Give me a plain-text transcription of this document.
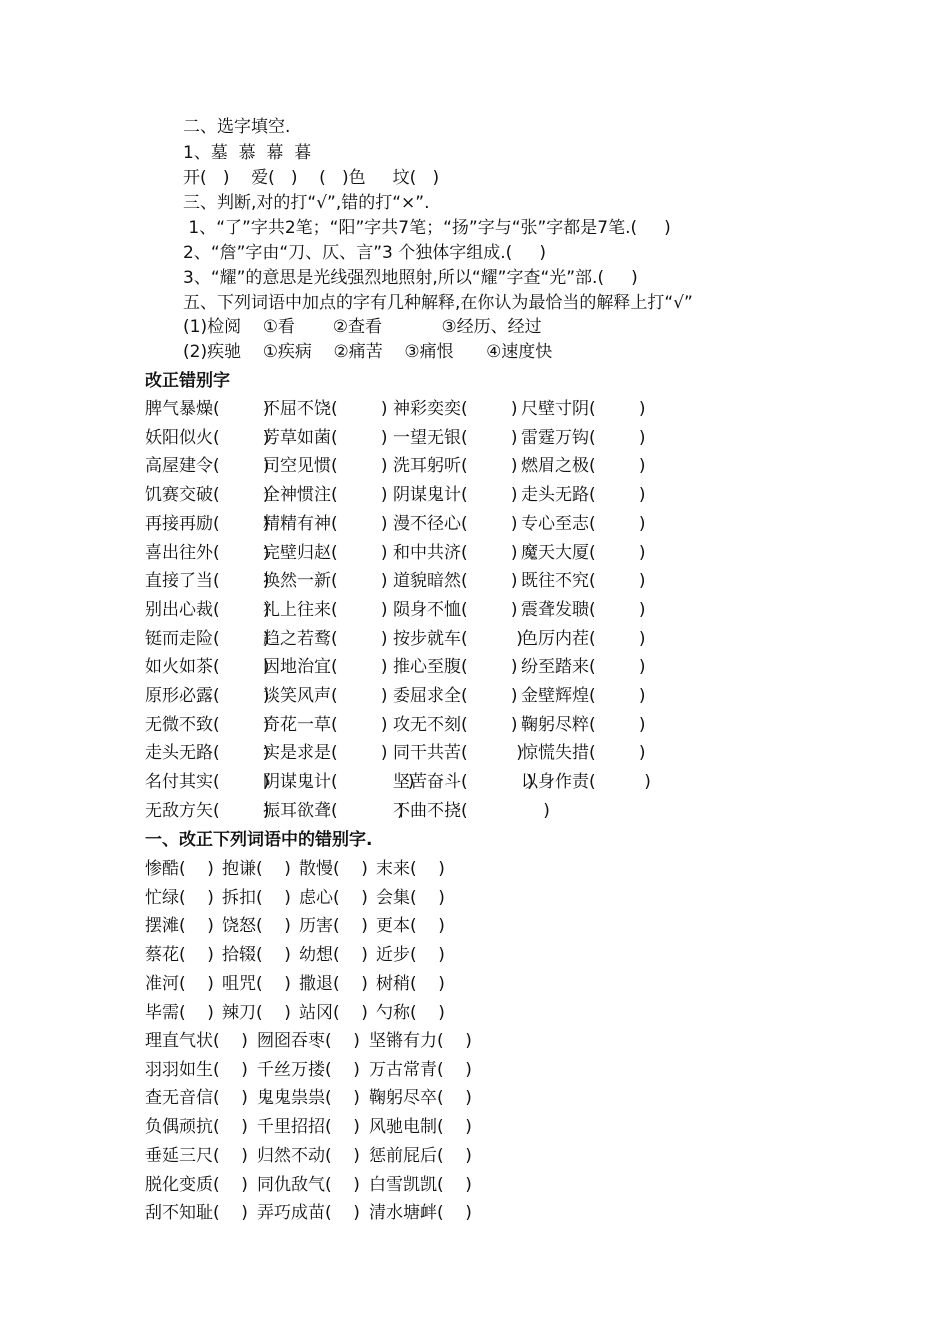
二、选字填空.
1、墓  慕  幕  暮
开(   )    爱(   )    (   )色     坟(   )
三、判断,对的打“√”,错的打“×”.
1、“了”字共2笔；“阳”字共7笔；“扬”字与“张”字都是7笔.(     )
2、“詹”字由“刀、仄、言”3 个独体字组成.(     )
3、“耀”的意思是光线强烈地照射,所以“耀”字查“光”部.(     )
五、下列词语中加点的字有几种解释,在你认为最恰当的解释上打“√”
(1)检阅    ①看       ②查看           ③经历、经过
(2)疾驰    ①疾病    ②痛苦    ③痛恨      ④速度快
改正错别字
脾气暴燥(        )
不屈不饶(        ) 神彩奕奕(        ) 尺壁寸阴(        )
妖阳似火(        )
芳草如菌(        ) 一望无银(        ) 雷霆万钩(        )
高屋建令(        )
司空见惯(        ) 洗耳躬听(        ) 燃眉之极(        )
饥赛交破(        )
全神惯注(        ) 阴谋鬼计(        ) 走头无路(        )
再接再励(        )
精精有神(        ) 漫不径心(        ) 专心至志(        )
喜出往外(        )
完壁归赵(        ) 和中共济(        ) 魔天大厦(        )
直接了当(        )
换然一新(        ) 道貌暗然(        ) 既往不究(        )
别出心裁(        )
礼上往来(        ) 陨身不恤(        ) 震聋发聩(        )
铤而走险(        )
趋之若鹜(        ) 按步就车(         )
色厉内茬(        )
如火如茶(        )
因地治宜(        ) 推心至腹(        ) 纷至踏来(        )
原形必露(        )
谈笑风声(        ) 委屈求全(        ) 金壁辉煌(        )
无微不致(        )
奇花一草(        ) 攻无不刻(        ) 鞠躬尽粹(        )
走头无路(        )
实是求是(        ) 同干共苦(         )
惊慌失措(        )
名付其实(        )
阴谋鬼计(             )
坚苦奋斗(           )
以身作责(         )
无敌方矢(        )
振耳欲聋(           )
不曲不挠(              )
一、改正下列词语中的错别字.
惨酷(    ) 抱谦(    ) 散慢(    ) 末来(    )
忙绿(    ) 拆扣(    ) 虑心(    ) 会集(    )
摆滩(    ) 饶怒(    ) 历害(    ) 更本(    )
蔡花(    ) 拾辍(    ) 幼想(    ) 近步(    )
准河(    ) 咀咒(    ) 撒退(    ) 树稍(    )
毕需(    ) 辣刀(    ) 站冈(    ) 勺称(    )
理直气状(    ) 囫囵吞枣(    ) 坚锵有力(    )
羽羽如生(    ) 千丝万搂(    ) 万古常青(    )
查无音信(    ) 鬼鬼祟祟(    ) 鞠躬尽卒(    )
负偶顽抗(    ) 千里招招(    ) 风驰电制(    )
垂延三尺(    ) 归然不动(    ) 惩前屁后(    )
脱化变质(    ) 同仇敌气(    ) 白雪凯凯(    )
刮不知耻(    ) 弄巧成苗(    ) 清水塘衅(    )
